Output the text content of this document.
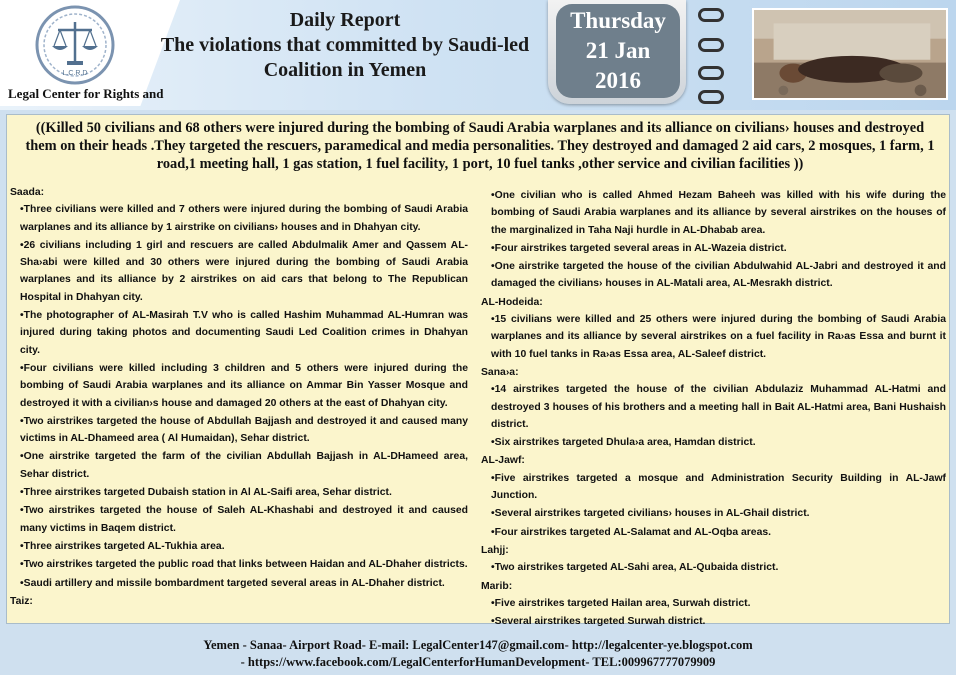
L.C.R.D
Legal Center for Rights and
Daily Report
The violations that committed by Saudi-led
Coalition in Yemen
Thursday
21 Jan
2016
((Killed 50 civilians and 68 others were injured during the bombing of Saudi Arabia warplanes and its alliance on civilians› houses and destroyed them on their heads .They targeted the rescuers, paramedical and media personalities. They destroyed and damaged 2 aid cars, 2 mosques, 1 farm, 1 road,1 meeting hall, 1 gas station, 1 fuel facility, 1 port, 10 fuel tanks ,other service and civilian facilities ))
Saada:
•Three civilians were killed and 7 others were injured during the bombing of Saudi Arabia warplanes and its alliance by 1 airstrike on civilians› houses and in Dhahyan city.
•26 civilians including 1 girl and rescuers are called Abdulmalik Amer and Qassem AL-Sha›abi were killed and 30 others were injured during the bombing of Saudi Arabia warplanes and its alliance by 2 airstrikes on aid cars that belong to The Republican Hospital in Dhahyan city.
•The photographer of AL-Masirah T.V who is called Hashim Muhammad AL-Humran was injured during taking photos and documenting Saudi Led Coalition crimes in Dhahyan city.
•Four civilians were killed including 3 children and 5 others were injured during the bombing of Saudi Arabia warplanes and its alliance on Ammar Bin Yasser Mosque and destroyed it with a civilian›s house and damaged 20 others at the east of Dhahyan city.
•Two airstrikes targeted the house of Abdullah Bajjash and destroyed it and caused many victims in AL-Dhameed area ( Al Humaidan), Sehar district.
•One airstrike targeted the farm of the civilian Abdullah Bajjash in AL-DHameed area, Sehar district.
•Three airstrikes targeted Dubaish station in Al AL-Saifi area, Sehar district.
•Two airstrikes targeted the house of Saleh AL-Khashabi and destroyed it and caused many victims in Baqem district.
•Three airstrikes targeted AL-Tukhia area.
•Two airstrikes targeted the public road that links between Haidan and AL-Dhaher districts.
•Saudi artillery and missile bombardment targeted several areas in AL-Dhaher district.
Taiz:
•One civilian who is called Ahmed Hezam Baheeh was killed with his wife during the bombing of Saudi Arabia warplanes and its alliance by several airstrikes on the houses of the marginalized in Taha Naji hurdle in AL-Dhabab area.
•Four airstrikes targeted several areas in AL-Wazeia district.
•One airstrike targeted the house of the civilian Abdulwahid AL-Jabri and destroyed it and damaged the civilians› houses in AL-Matali area, AL-Mesrakh district.
AL-Hodeida:
•15 civilians were killed and 25 others were injured during the bombing of Saudi Arabia warplanes and its alliance by several airstrikes on a fuel facility in Ra›as Essa and burnt it with 10 fuel tanks in Ra›as Essa area, AL-Saleef district.
Sana›a:
•14 airstrikes targeted the house of the civilian Abdulaziz Muhammad AL-Hatmi and destroyed 3 houses of his brothers and a meeting hall in Bait AL-Hatmi area, Bani Hushaish district.
•Six airstrikes targeted Dhula›a area, Hamdan district.
AL-Jawf:
•Five airstrikes targeted a mosque and Administration Security Building in AL-Jawf Junction.
•Several airstrikes targeted civilians› houses in AL-Ghail district.
•Four airstrikes targeted AL-Salamat and AL-Oqba areas.
Lahjj:
•Two airstrikes targeted AL-Sahi area, AL-Qubaida district.
Marib:
•Five airstrikes targeted Hailan area, Surwah district.
•Several airstrikes targeted Surwah district.
Yemen - Sanaa- Airport Road- E-mail: LegalCenter147@gmail.com- http://legalcenter-ye.blogspot.com
- https://www.facebook.com/LegalCenterforHumanDevelopment- TEL:009967777079909
